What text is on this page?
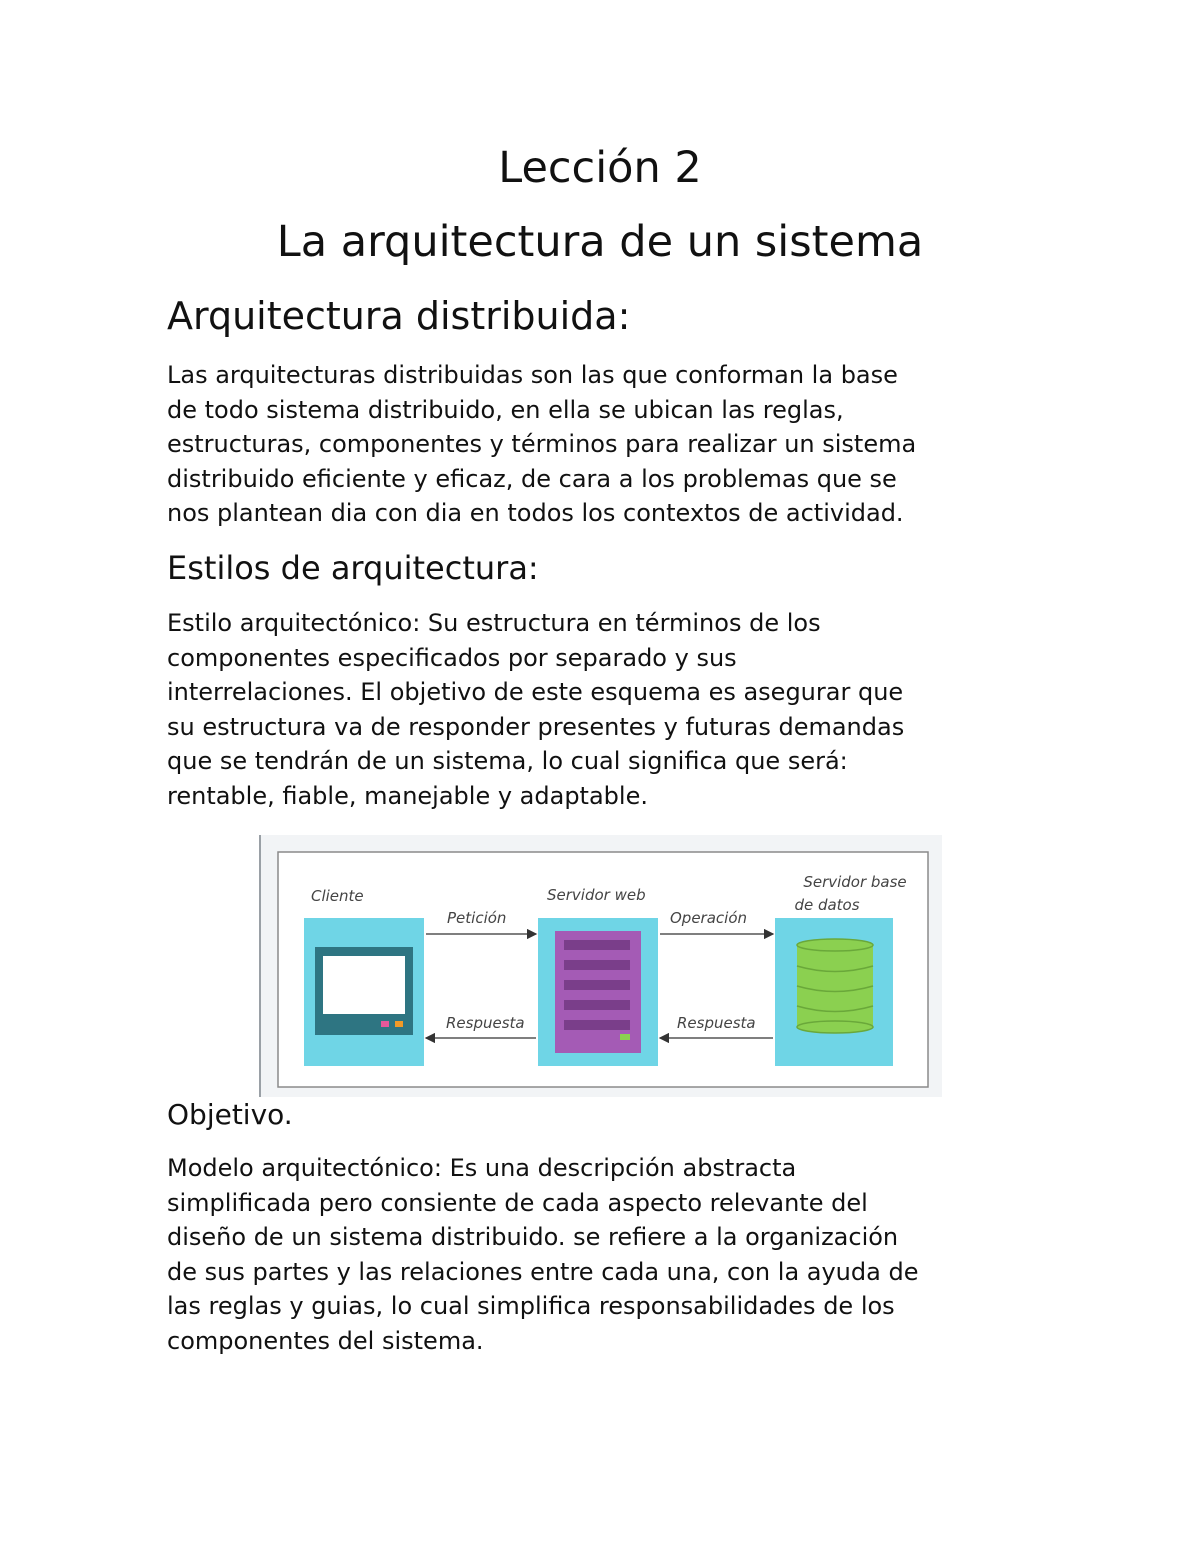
Lección 2
La arquitectura de un sistema
Arquitectura distribuida:

Las arquitecturas distribuidas son las que conforman la base
de todo sistema distribuido, en ella se ubican las reglas,
estructuras, componentes y términos para realizar un sistema
distribuido eficiente y eficaz, de cara a los problemas que se
nos plantean dia con dia en todos los contextos de actividad.

Estilos de arquitectura:

Estilo arquitectónico: Su estructura en términos de los
componentes especificados por separado y sus
interrelaciones. El objetivo de este esquema es asegurar que
su estructura va de responder presentes y futuras demandas
que se tendrán de un sistema, lo cual significa que será:
rentable, fiable, manejable y adaptable.

Cliente	Servidor web
Servidor base
de datos
Petición	Operación
Respuesta	Respuesta
Objetivo.

Modelo arquitectónico: Es una descripción abstracta
simplificada pero consiente de cada aspecto relevante del
diseño de un sistema distribuido. se refiere a la organización
de sus partes y las relaciones entre cada una, con la ayuda de
las reglas y guias, lo cual simplifica responsabilidades de los
componentes del sistema.
